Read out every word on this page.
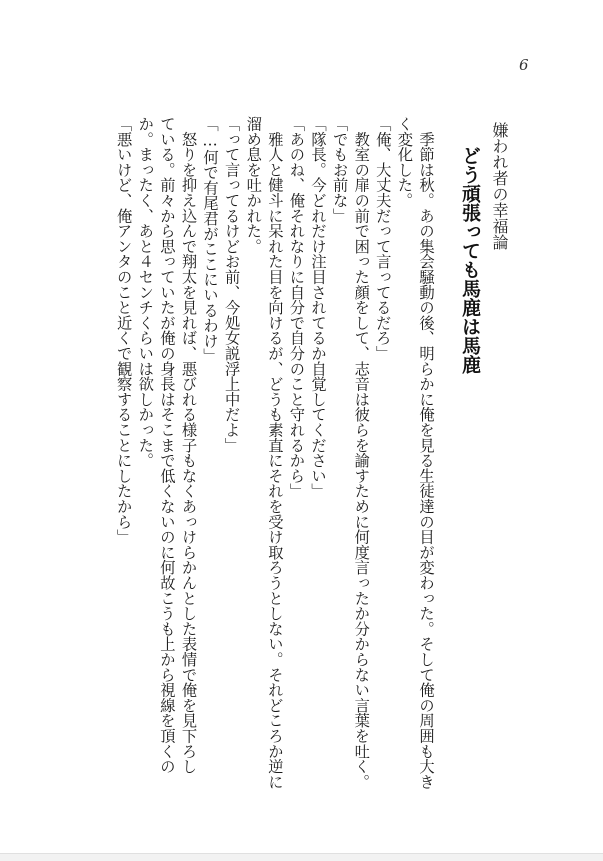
6
嫌われ者の幸福論
どう頑張っても馬鹿は馬鹿
　季節は秋。あの集会騒動の後、明らかに俺を見る生徒達の目が変わった。そして俺の周囲も大き
く変化した。
「俺、大丈夫だって言ってるだろ」
　教室の扉の前で困った顔をして、志音は彼らを諭すために何度言ったか分からない言葉を吐く。
「でもお前な」
「隊長。今どれだけ注目されてるか自覚してください」
「あのね、俺それなりに自分で自分のこと守れるから」
　雅人と健斗に呆れた目を向けるが、どうも素直にそれを受け取ろうとしない。それどころか逆に
溜め息を吐かれた。
「って言ってるけどお前、今処女説浮上中だよ」
「…何で有尾君がここにいるわけ」
　怒りを抑え込んで翔太を見れば、悪びれる様子もなくあっけらかんとした表情で俺を見下ろし
ている。前々から思っていたが俺の身長はそこまで低くないのに何故こうも上から視線を頂くの
か。まったく、あと４センチくらいは欲しかった。
「悪いけど、俺アンタのこと近くで観察することにしたから」
